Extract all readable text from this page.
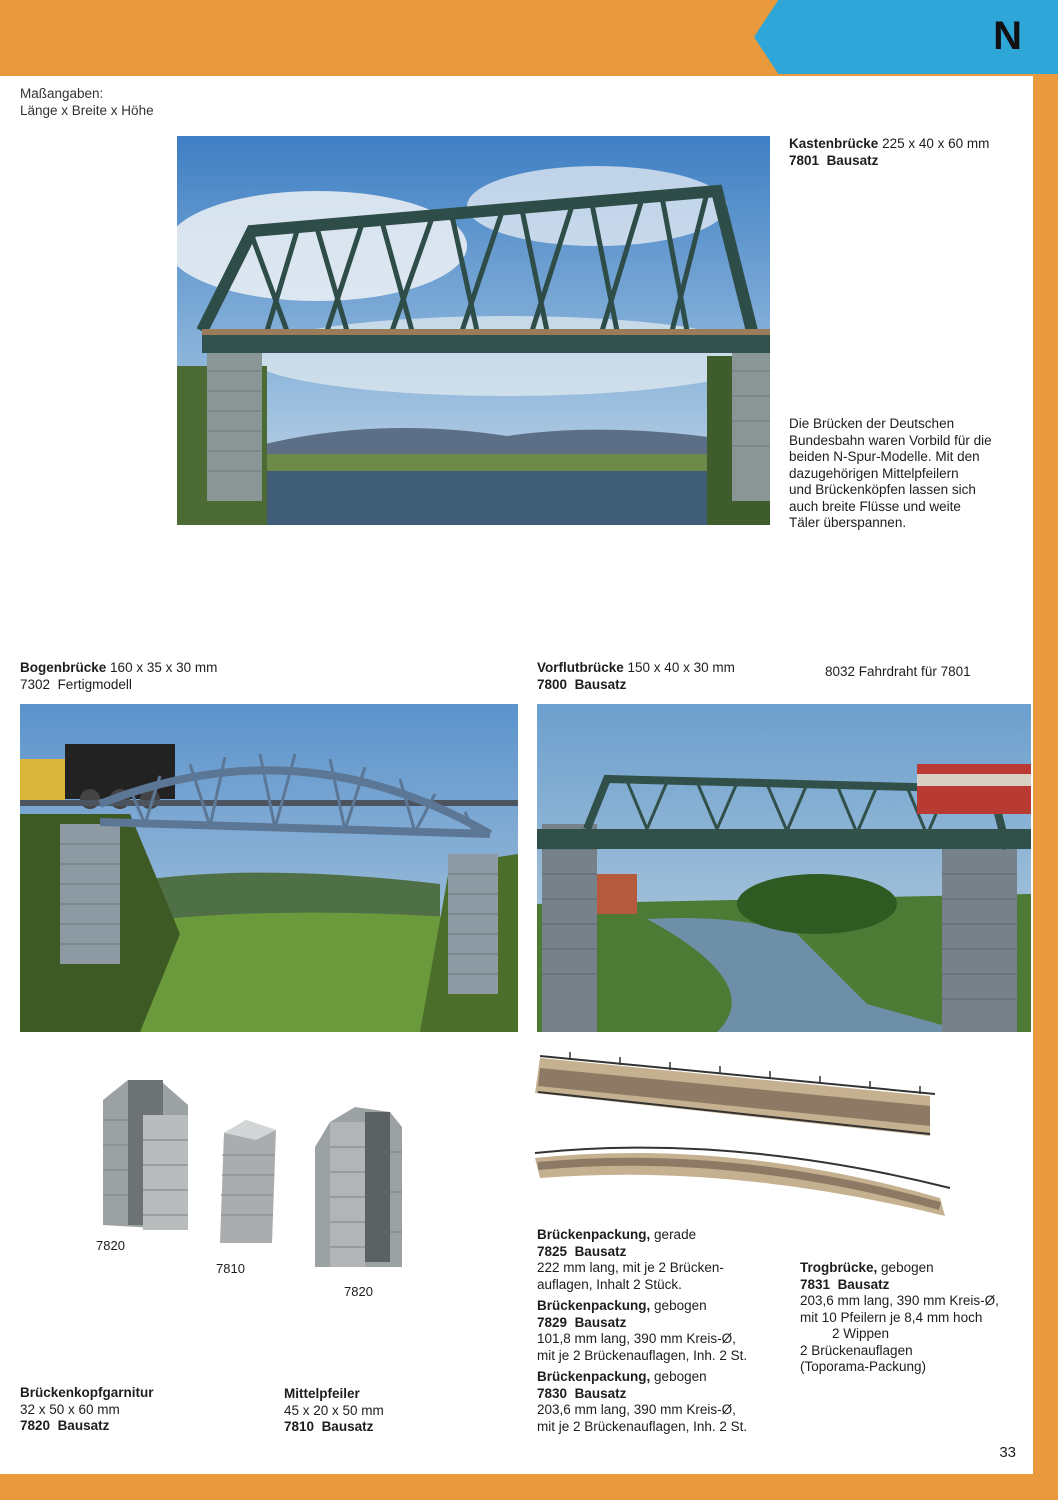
N
Maßangaben:
Länge x Breite x Höhe
Kastenbrücke 225 x 40 x 60 mm
7801 Bausatz
Die Brücken der Deutschen
Bundesbahn waren Vorbild für die
beiden N-Spur-Modelle. Mit den
dazugehörigen Mittelpfeilern
und Brückenköpfen lassen sich
auch breite Flüsse und weite
Täler überspannen.
Bogenbrücke 160 x 35 x 30 mm
7302 Fertigmodell
Vorflutbrücke 150 x 40 x 30 mm
7800 Bausatz
8032 Fahrdraht für 7801
7820
7810
7820
Brückenkopfgarnitur
32 x 50 x 60 mm
7820 Bausatz
Mittelpfeiler
45 x 20 x 50 mm
7810 Bausatz
Brückenpackung, gerade
7825 Bausatz
222 mm lang, mit je 2 Brücken-
auflagen, Inhalt 2 Stück.
Brückenpackung, gebogen
7829 Bausatz
101,8 mm lang, 390 mm Kreis-Ø,
mit je 2 Brückenauflagen, Inh. 2 St.
Brückenpackung, gebogen
7830 Bausatz
203,6 mm lang, 390 mm Kreis-Ø,
mit je 2 Brückenauflagen, Inh. 2 St.
Trogbrücke, gebogen
7831 Bausatz
203,6 mm lang, 390 mm Kreis-Ø,
mit 10 Pfeilern je 8,4 mm hoch
2 Wippen
2 Brückenauflagen
(Toporama-Packung)
33
